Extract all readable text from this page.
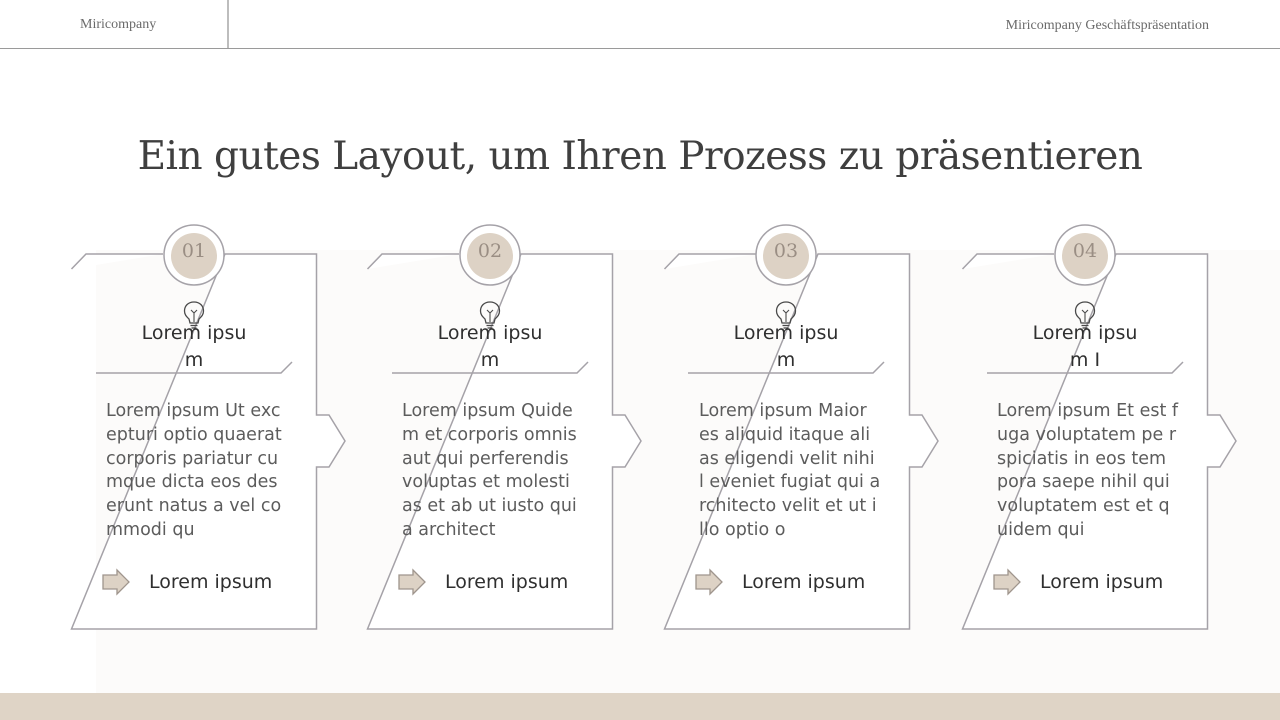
Miricompany	Miricompany Geschäftspräsentation
Ein gutes Layout, um Ihren Prozess zu präsentieren
01
Lorem ipsu m
Lorem ipsum Ut exc epturi optio quaerat corporis pariatur cu mque dicta eos des erunt natus a vel co mmodi qu
Lorem ipsum
02
Lorem ipsu m
Lorem ipsum Quide m et corporis omnis aut qui perferendis voluptas et molesti as et ab ut iusto qui a architect
Lorem ipsum
03
Lorem ipsu m
Lorem ipsum Maior es aliquid itaque ali as eligendi velit nihi l eveniet fugiat qui architecto velit et ut illo optio o
Lorem ipsum
04
Lorem ipsu m I
Lorem ipsum Et est fuga voluptatem pe rspiciatis in eos tem pora saepe nihil qui voluptatem est et q uidem qui
Lorem ipsum
